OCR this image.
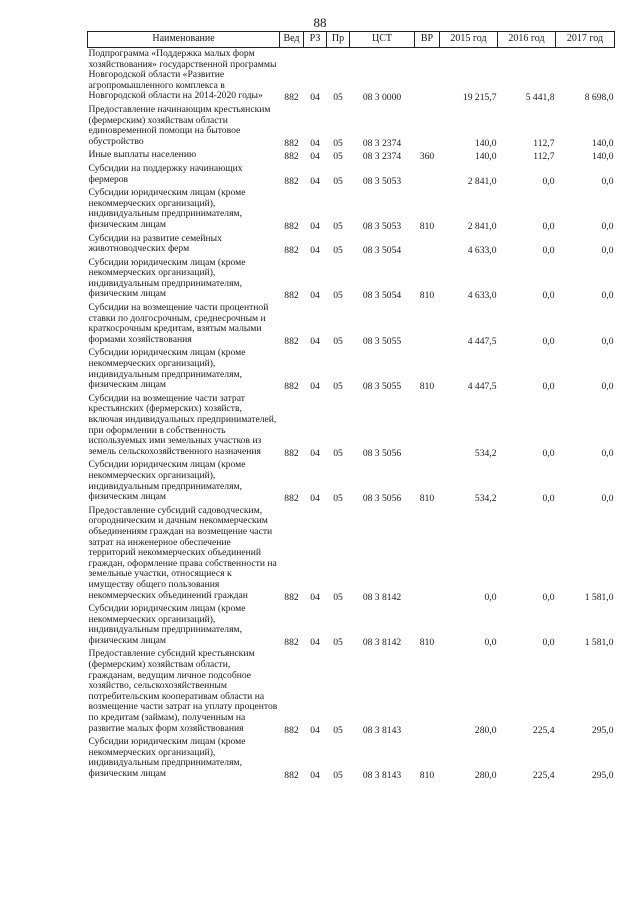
88
Наименование	Вед	РЗ	Пр	ЦСТ	ВР	2015 год	2016 год	2017 год
Подпрограмма «Поддержка малых форм хозяйствования» государственной программы Новгородской области «Развитие агропромышленного комплекса в Новгородской области на 2014-2020 годы»	882	04	05	08 3 0000		19 215,7	5 441,8	8 698,0
Предоставление начинающим крестьянским (фермерским) хозяйствам области единовременной помощи на бытовое обустройство	882	04	05	08 3 2374		140,0	112,7	140,0
Иные выплаты населению	882	04	05	08 3 2374	360	140,0	112,7	140,0
Субсидии на поддержку начинающих фермеров	882	04	05	08 3 5053		2 841,0	0,0	0,0
Субсидии юридическим лицам (кроме некоммерческих организаций), индивидуальным предпринимателям, физическим лицам	882	04	05	08 3 5053	810	2 841,0	0,0	0,0
Субсидии на развитие семейных животноводческих ферм	882	04	05	08 3 5054		4 633,0	0,0	0,0
Субсидии юридическим лицам (кроме некоммерческих организаций), индивидуальным предпринимателям, физическим лицам	882	04	05	08 3 5054	810	4 633,0	0,0	0,0
Субсидии на возмещение части процентной ставки по долгосрочным, среднесрочным и краткосрочным кредитам, взятым малыми формами хозяйствования	882	04	05	08 3 5055		4 447,5	0,0	0,0
Субсидии юридическим лицам (кроме некоммерческих организаций), индивидуальным предпринимателям, физическим лицам	882	04	05	08 3 5055	810	4 447,5	0,0	0,0
Субсидии на возмещение части затрат крестьянских (фермерских) хозяйств, включая индивидуальных предпринимателей, при оформлении в собственность используемых ими земельных участков из земель сельскохозяйственного назначения	882	04	05	08 3 5056		534,2	0,0	0,0
Субсидии юридическим лицам (кроме некоммерческих организаций), индивидуальным предпринимателям, физическим лицам	882	04	05	08 3 5056	810	534,2	0,0	0,0
Предоставление субсидий садоводческим, огородническим и дачным некоммерческим объединениям граждан на возмещение части затрат на инженерное обеспечение территорий некоммерческих объединений граждан, оформление права собственности на земельные участки, относящиеся к имуществу общего пользования некоммерческих объединений граждан	882	04	05	08 3 8142		0,0	0,0	1 581,0
Субсидии юридическим лицам (кроме некоммерческих организаций), индивидуальным предпринимателям, физическим лицам	882	04	05	08 3 8142	810	0,0	0,0	1 581,0
Предоставление субсидий крестьянским (фермерским) хозяйствам области, гражданам, ведущим личное подсобное хозяйство, сельскохозяйственным потребительским кооперативам области на возмещение части затрат на уплату процентов по кредитам (займам), полученным на развитие малых форм хозяйствования	882	04	05	08 3 8143		280,0	225,4	295,0
Субсидии юридическим лицам (кроме некоммерческих организаций), индивидуальным предпринимателям, физическим лицам	882	04	05	08 3 8143	810	280,0	225,4	295,0
